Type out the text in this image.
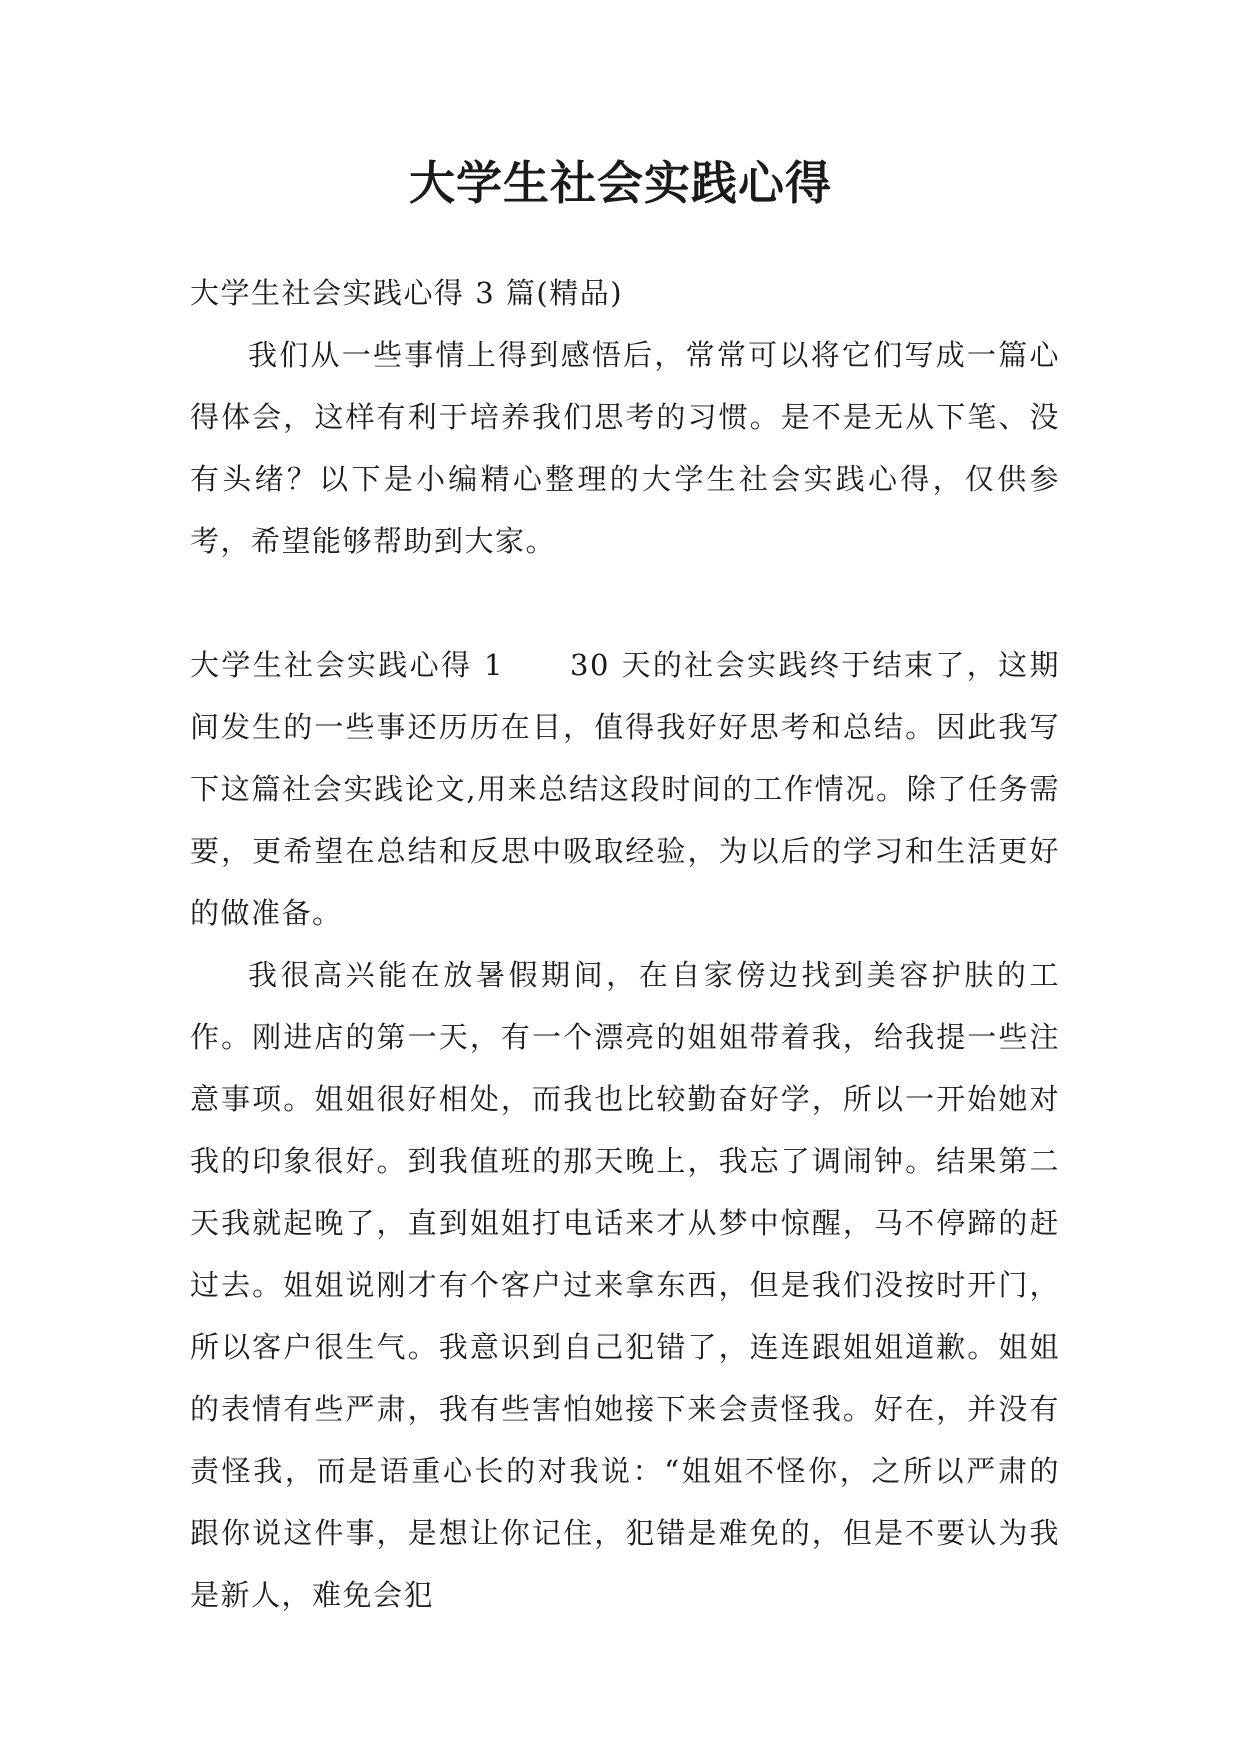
大学生社会实践心得

大学生社会实践心得 3 篇(精品)

我们从一些事情上得到感悟后，常常可以将它们写成一篇心得体会，这样有利于培养我们思考的习惯。是不是无从下笔、没有头绪？以下是小编精心整理的大学生社会实践心得，仅供参考，希望能够帮助到大家。

大学生社会实践心得 1 30 天的社会实践终于结束了，这期间发生的一些事还历历在目，值得我好好思考和总结。因此我写下这篇社会实践论文,用来总结这段时间的工作情况。除了任务需要，更希望在总结和反思中吸取经验，为以后的学习和生活更好的做准备。

我很高兴能在放暑假期间，在自家傍边找到美容护肤的工作。刚进店的第一天，有一个漂亮的姐姐带着我，给我提一些注意事项。姐姐很好相处，而我也比较勤奋好学，所以一开始她对我的印象很好。到我值班的那天晚上，我忘了调闹钟。结果第二天我就起晚了，直到姐姐打电话来才从梦中惊醒，马不停蹄的赶过去。姐姐说刚才有个客户过来拿东西，但是我们没按时开门，所以客户很生气。我意识到自己犯错了，连连跟姐姐道歉。姐姐的表情有些严肃，我有些害怕她接下来会责怪我。好在，并没有责怪我，而是语重心长的对我说：“姐姐不怪你，之所以严肃的跟你说这件事，是想让你记住，犯错是难免的，但是不要认为我是新人，难免会犯
